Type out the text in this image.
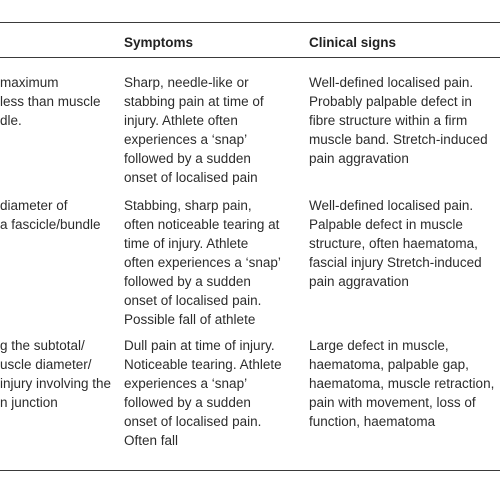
Symptoms	Clinical signs
maximum
less than muscle
dle.
Sharp, needle-like or
stabbing pain at time of
injury. Athlete often
experiences a ‘snap’
followed by a sudden
onset of localised pain
Well-defined localised pain.
Probably palpable defect in
fibre structure within a firm
muscle band. Stretch-induced
pain aggravation
diameter of
a fascicle/bundle
Stabbing, sharp pain,
often noticeable tearing at
time of injury. Athlete
often experiences a ‘snap’
followed by a sudden
onset of localised pain.
Possible fall of athlete
Well-defined localised pain.
Palpable defect in muscle
structure, often haematoma,
fascial injury Stretch-induced
pain aggravation
g the subtotal/
uscle diameter/
injury involving the
n junction
Dull pain at time of injury.
Noticeable tearing. Athlete
experiences a ‘snap’
followed by a sudden
onset of localised pain.
Often fall
Large defect in muscle,
haematoma, palpable gap,
haematoma, muscle retraction,
pain with movement, loss of
function, haematoma
